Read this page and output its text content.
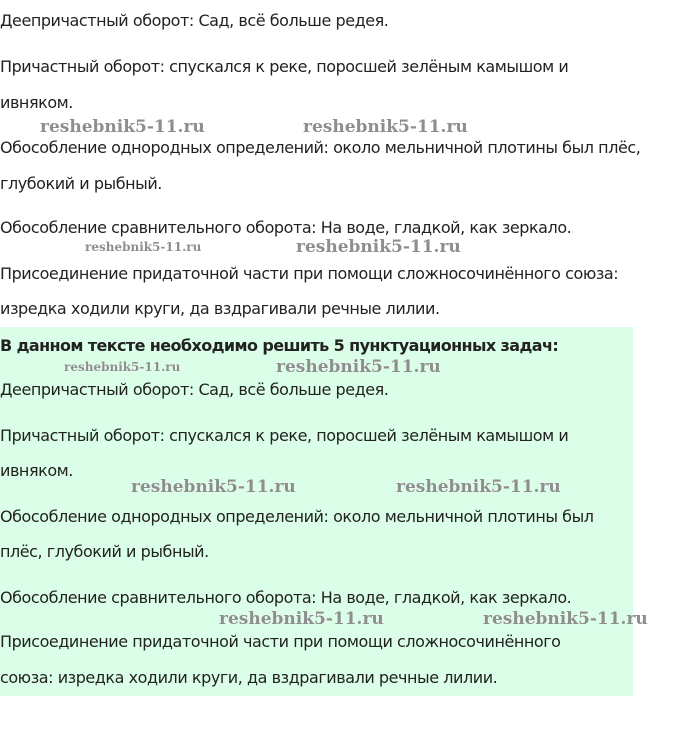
Деепричастный оборот: Сад, всё больше редея.

Причастный оборот: спускался к реке, поросшей зелёным камышом и

ивняком.

Обособление однородных определений: около мельничной плотины был плёс,

глубокий и рыбный.

Обособление сравнительного оборота: На воде, гладкой, как зеркало.

Присоединение придаточной части при помощи сложносочинённого союза:

изредка ходили круги, да вздрагивали речные лилии.

В данном тексте необходимо решить 5 пунктуационных задач:

Деепричастный оборот: Сад, всё больше редея.

Причастный оборот: спускался к реке, поросшей зелёным камышом и

ивняком.

Обособление однородных определений: около мельничной плотины был

плёс, глубокий и рыбный.

Обособление сравнительного оборота: На воде, гладкой, как зеркало.

Присоединение придаточной части при помощи сложносочинённого

союза: изредка ходили круги, да вздрагивали речные лилии.

reshebnik5-11.ru	reshebnik5-11.ru
reshebnik5-11.ru	reshebnik5-11.ru
reshebnik5-11.ru	reshebnik5-11.ru
reshebnik5-11.ru	reshebnik5-11.ru
reshebnik5-11.ru	reshebnik5-11.ru
